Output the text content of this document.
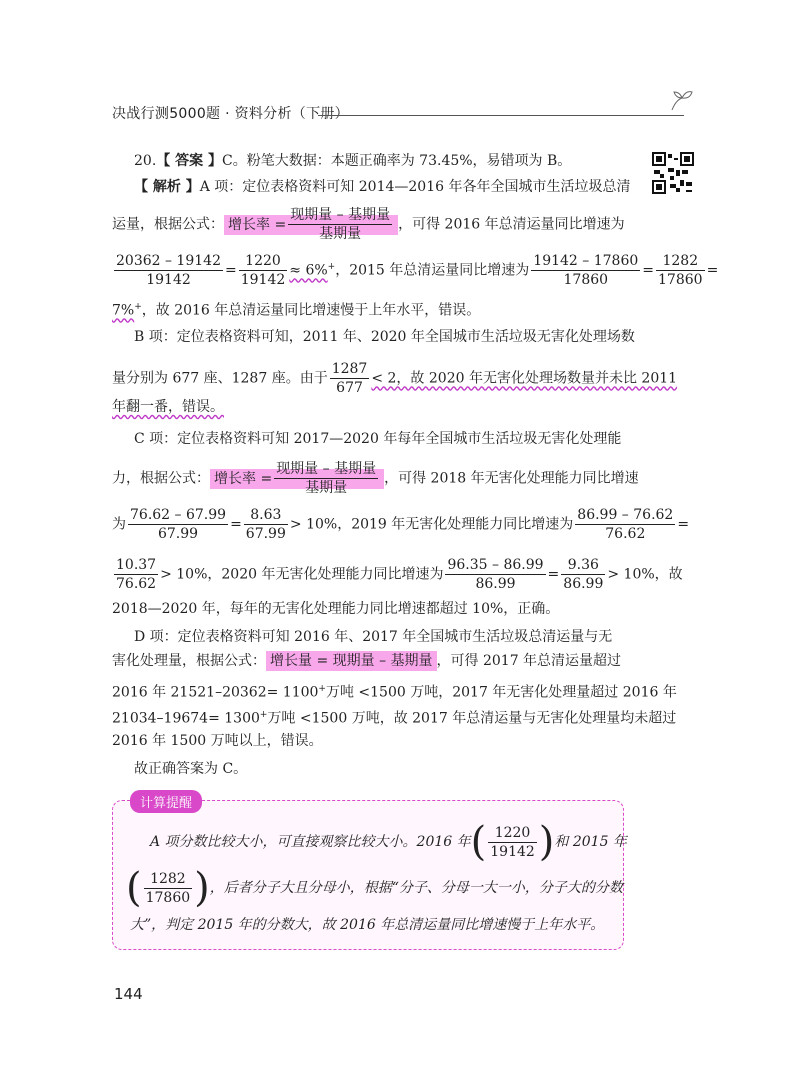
决战行测5000题 · 资料分析（下册）
20.【 答案 】C。粉笔大数据：本题正确率为 73.45%，易错项为 B。
【 解析 】A 项：定位表格资料可知 2014—2016 年各年全国城市生活垃圾总清
运量，根据公式： 增长率 = $\frac{\text{现期量 – 基期量}}{\text{基期量}}$ ，可得 2016 年总清运量同比增速为
$\frac{20362 - 19142}{19142} = \frac{1220}{19142} \approx 6\%^+$，2015 年总清运量同比增速为 $\frac{19142 - 17860}{17860} = \frac{1282}{17860}$ =
7%+，故 2016 年总清运量同比增速慢于上年水平，错误。
B 项：定位表格资料可知，2011 年、2020 年全国城市生活垃圾无害化处理场数
量分别为 677 座、1287 座。由于 $\frac{1287}{677} < 2$，故 2020 年无害化处理场数量并未比 2011
年翻一番，错误。
C 项：定位表格资料可知 2017—2020 年每年全国城市生活垃圾无害化处理能
力，根据公式： 增长率 = $\frac{\text{现期量 – 基期量}}{\text{基期量}}$ ，可得 2018 年无害化处理能力同比增速
为 $\frac{76.62 - 67.99}{67.99} = \frac{8.63}{67.99} > 10\%$，2019 年无害化处理能力同比增速为 $\frac{86.99 - 76.62}{76.62}$ =
$\frac{10.37}{76.62} > 10\%$，2020 年无害化处理能力同比增速为 $\frac{96.35 - 86.99}{86.99} = \frac{9.36}{86.99} > 10\%$，故
2018—2020 年，每年的无害化处理能力同比增速都超过 10%，正确。
D 项：定位表格资料可知 2016 年、2017 年全国城市生活垃圾总清运量与无
害化处理量，根据公式： 增长量 = 现期量 – 基期量 ，可得 2017 年总清运量超过
2016 年 21521–20362= 1100+万吨 <1500 万吨，2017 年无害化处理量超过 2016 年
21034–19674= 1300+万吨 <1500 万吨，故 2017 年总清运量与无害化处理量均未超过
2016 年 1500 万吨以上，错误。
故正确答案为 C。
计算提醒
A 项分数比较大小，可直接观察比较大小。2016 年( $\frac{1220}{19142}$ )和 2015 年
( $\frac{1282}{17860}$ )，后者分子大且分母小，根据“分子、分母一大一小，分子大的分数
大”，判定 2015 年的分数大，故 2016 年总清运量同比增速慢于上年水平。
144
